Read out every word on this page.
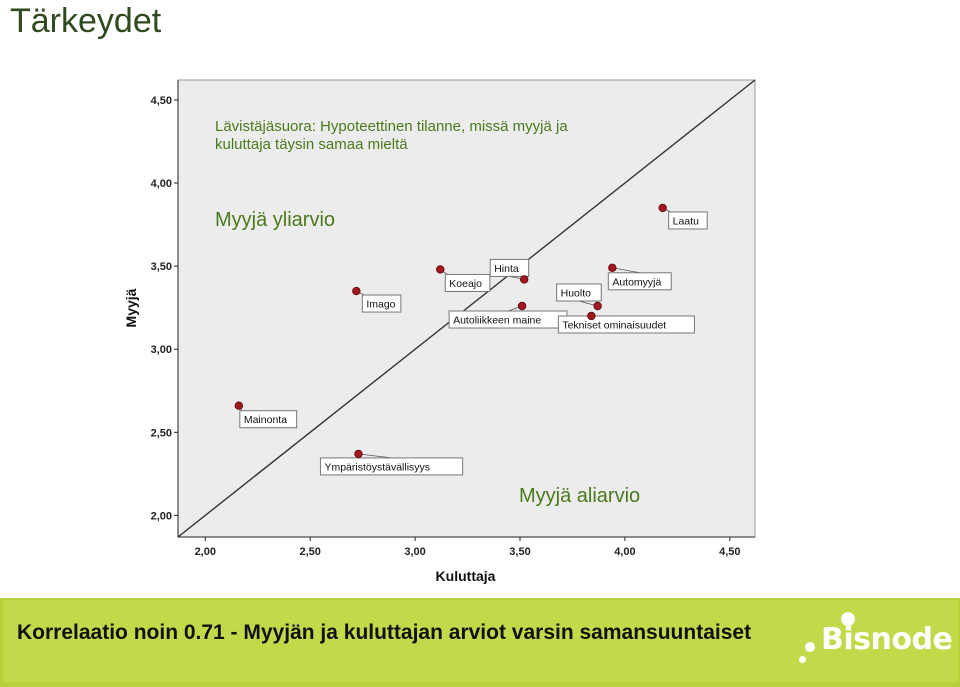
Tärkeydet
2,00
2,50
3,00
3,50
4,00
4,50
2,00	2,50	3,00	3,50	4,00	4,50
Kuluttaja
Myyjä
Lävistäjäsuora: Hypoteettinen tilanne, missä myyjä ja
kuluttaja täysin samaa mieltä
Myyjä yliarvio
Myyjä aliarvio
Laatu
Imago
Koeajo
Hinta
Autoliikkeen maine
Huolto
Automyyjä
Tekniset ominaisuudet
Mainonta
Ympäristöystävällisyys
Korrelaatio noin 0.71 - Myyjän ja kuluttajan arviot varsin samansuuntaiset Bisnode
